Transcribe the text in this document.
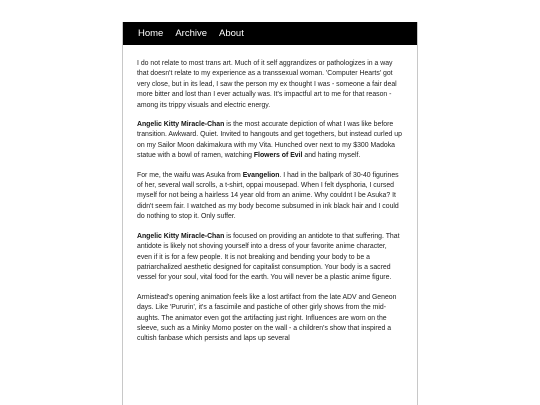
Home Archive About

I do not relate to most trans art. Much of it self aggrandizes or pathologizes in a way that doesn't relate to my experience as a transsexual woman. 'Computer Hearts' got very close, but in its lead, I saw the person my ex thought I was - someone a fair deal more bitter and lost than I ever actually was. It's impactful art to me for that reason - among its trippy visuals and electric energy.

Angelic Kitty Miracle-Chan is the most accurate depiction of what I was like before transition. Awkward. Quiet. Invited to hangouts and get togethers, but instead curled up on my Sailor Moon dakimakura with my Vita. Hunched over next to my $300 Madoka statue with a bowl of ramen, watching Flowers of Evil and hating myself.

For me, the waifu was Asuka from Evangelion. I had in the ballpark of 30-40 figurines of her, several wall scrolls, a t-shirt, oppai mousepad. When I felt dysphoria, I cursed myself for not being a hairless 14 year old from an anime. Why couldnt I be Asuka? It didn't seem fair. I watched as my body become subsumed in ink black hair and I could do nothing to stop it. Only suffer.

Angelic Kitty Miracle-Chan is focused on providing an antidote to that suffering. That antidote is likely not shoving yourself into a dress of your favorite anime character, even if it is for a few people. It is not breaking and bending your body to be a patriarchalized aesthetic designed for capitalist consumption. Your body is a sacred vessel for your soul, vital food for the earth. You will never be a plastic anime figure.

Armistead's opening animation feels like a lost artifact from the late ADV and Geneon days. Like 'Pururin', it's a fascimile and pastiche of other girly shows from the mid-aughts. The animator even got the artifacting just right. Influences are worn on the sleeve, such as a Minky Momo poster on the wall - a children's show that inspired a cultish fanbase which persists and laps up several
